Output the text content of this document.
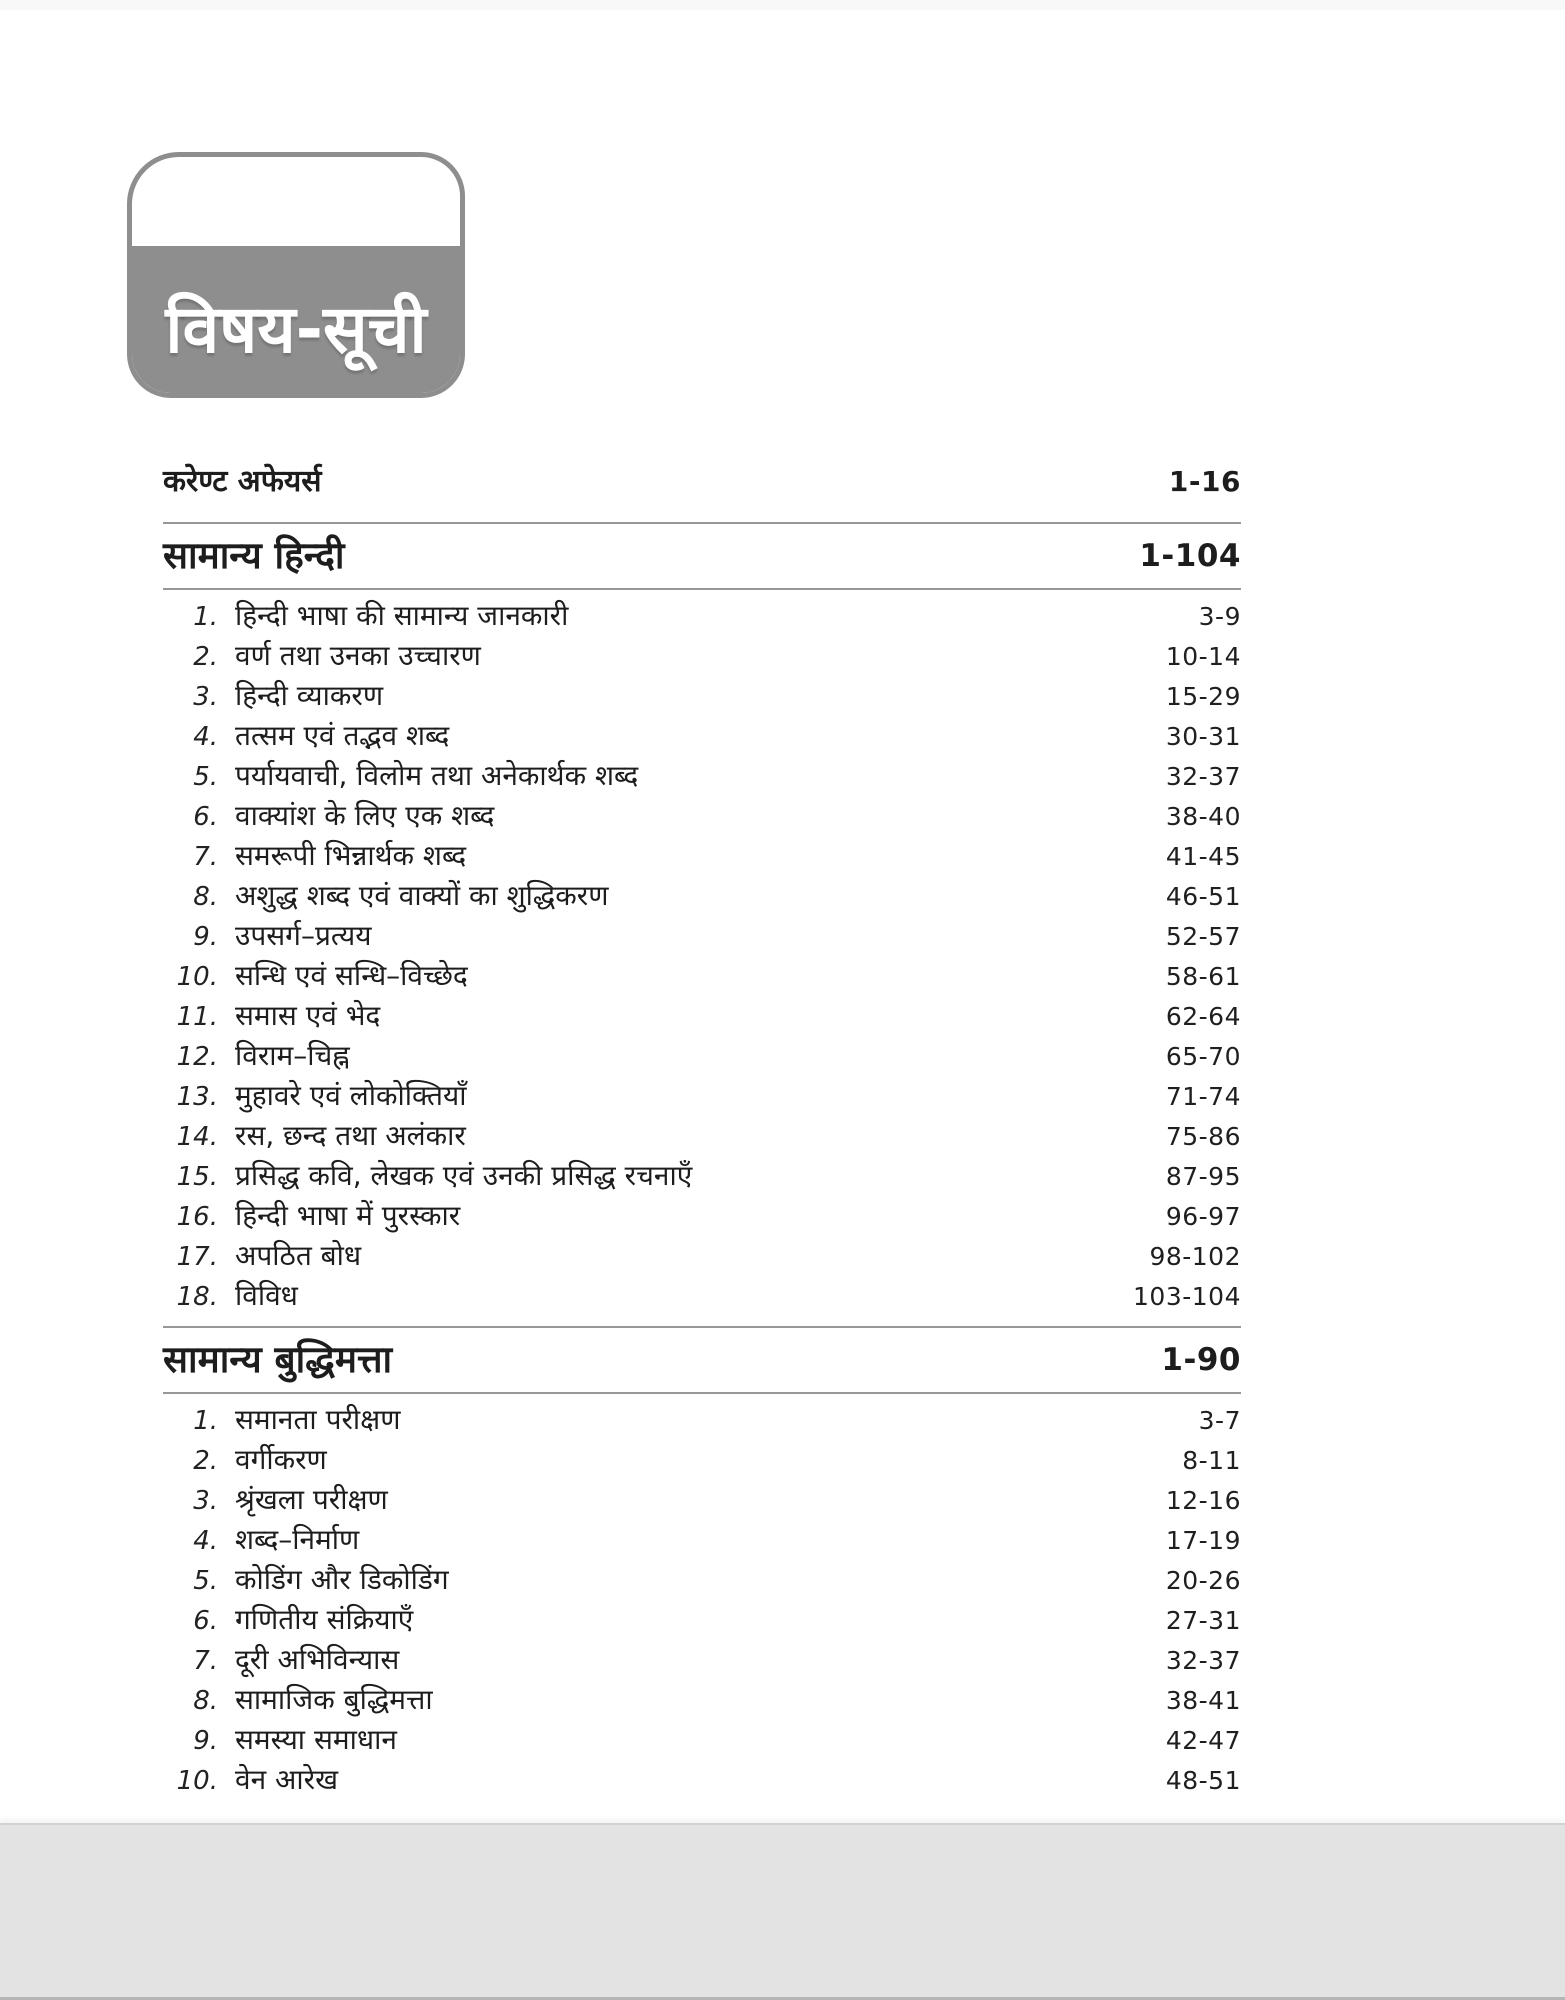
विषय-सूची
करेण्ट अफेयर्स	1-16
सामान्य हिन्दी	1-104
1. हिन्दी भाषा की सामान्य जानकारी	3-9
2. वर्ण तथा उनका उच्चारण	10-14
3. हिन्दी व्याकरण	15-29
4. तत्सम एवं तद्भव शब्द	30-31
5. पर्यायवाची, विलोम तथा अनेकार्थक शब्द	32-37
6. वाक्यांश के लिए एक शब्द	38-40
7. समरूपी भिन्नार्थक शब्द	41-45
8. अशुद्ध शब्द एवं वाक्यों का शुद्धिकरण	46-51
9. उपसर्ग–प्रत्यय	52-57
10. सन्धि एवं सन्धि–विच्छेद	58-61
11. समास एवं भेद	62-64
12. विराम–चिह्न	65-70
13. मुहावरे एवं लोकोक्तियाँ	71-74
14. रस, छन्द तथा अलंकार	75-86
15. प्रसिद्ध कवि, लेखक एवं उनकी प्रसिद्ध रचनाएँ	87-95
16. हिन्दी भाषा में पुरस्कार	96-97
17. अपठित बोध	98-102
18. विविध	103-104
सामान्य बुद्धिमत्ता	1-90
1. समानता परीक्षण	3-7
2. वर्गीकरण	8-11
3. श्रृंखला परीक्षण	12-16
4. शब्द–निर्माण	17-19
5. कोडिंग और डिकोडिंग	20-26
6. गणितीय संक्रियाएँ	27-31
7. दूरी अभिविन्यास	32-37
8. सामाजिक बुद्धिमत्ता	38-41
9. समस्या समाधान	42-47
10. वेन आरेख	48-51
